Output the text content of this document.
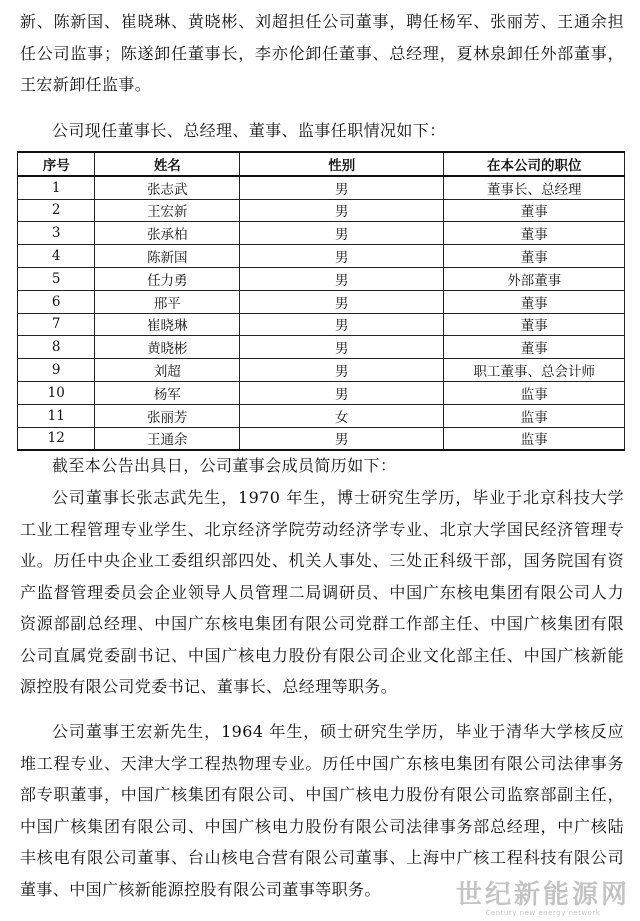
新、陈新国、崔晓琳、黄晓彬、刘超担任公司董事，聘任杨军、张丽芳、王通余担任公司监事；陈遂卸任董事长，李亦伦卸任董事、总经理，夏林泉卸任外部董事，王宏新卸任监事。

公司现任董事长、总经理、董事、监事任职情况如下：

序号	姓名	性别	在本公司的职位
1	张志武	男	董事长、总经理
2	王宏新	男	董事
3	张承柏	男	董事
4	陈新国	男	董事
5	任力勇	男	外部董事
6	邢平	男	董事
7	崔晓琳	男	董事
8	黄晓彬	男	董事
9	刘超	男	职工董事、总会计师
10	杨军	男	监事
11	张丽芳	女	监事
12	王通余	男	监事

截至本公告出具日，公司董事会成员简历如下：

公司董事长张志武先生，1970 年生，博士研究生学历，毕业于北京科技大学工业工程管理专业学生、北京经济学院劳动经济学专业、北京大学国民经济管理专业。历任中央企业工委组织部四处、机关人事处、三处正科级干部，国务院国有资产监督管理委员会企业领导人员管理二局调研员、中国广东核电集团有限公司人力资源部副总经理、中国广东核电集团有限公司党群工作部主任、中国广核集团有限公司直属党委副书记、中国广核电力股份有限公司企业文化部主任、中国广核新能源控股有限公司党委书记、董事长、总经理等职务。

公司董事王宏新先生，1964 年生，硕士研究生学历，毕业于清华大学核反应堆工程专业、天津大学工程热物理专业。历任中国广东核电集团有限公司法律事务部专职董事，中国广核集团有限公司、中国广核电力股份有限公司监察部副主任，中国广核集团有限公司、中国广核电力股份有限公司法律事务部总经理，中广核陆丰核电有限公司董事、台山核电合营有限公司董事、上海中广核工程科技有限公司董事、中国广核新能源控股有限公司董事等职务。	世纪新能源网
Century new energy network
